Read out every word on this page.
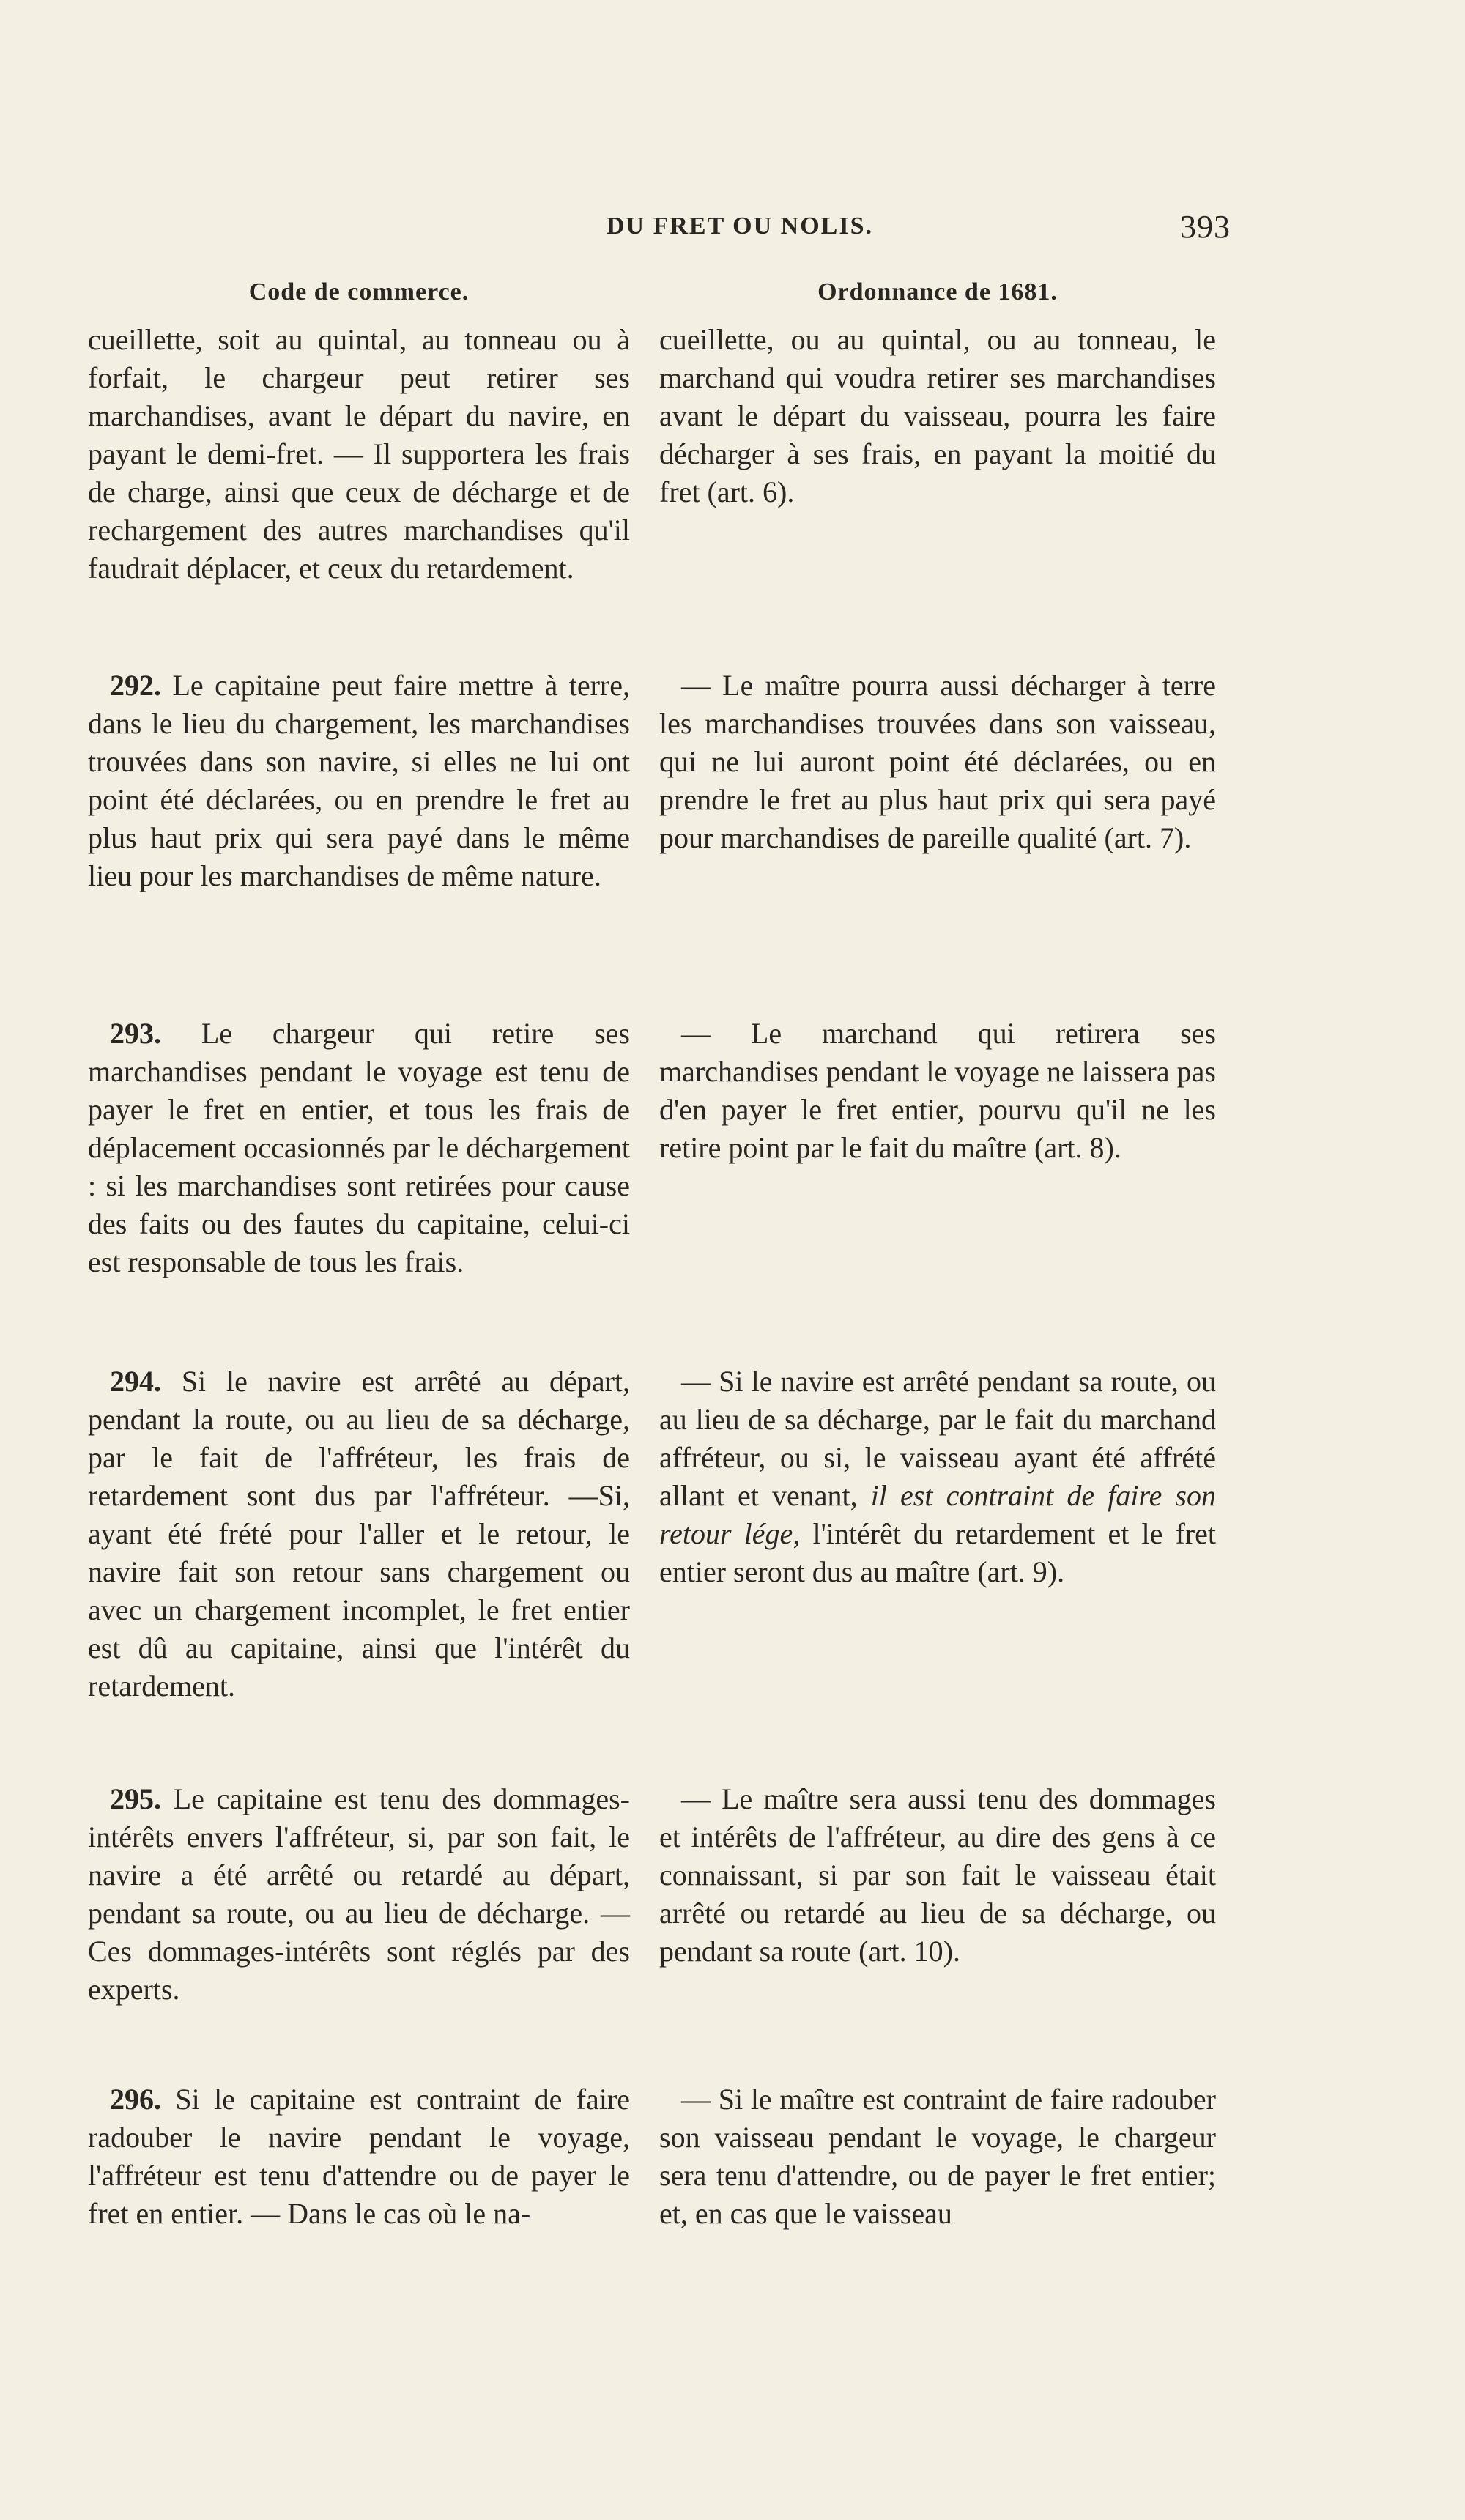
DU FRET OU NOLIS.	393
Code de commerce.

cueillette, soit au quintal, au tonneau ou à forfait, le chargeur peut retirer ses marchandises, avant le départ du navire, en payant le demi-fret. — Il supportera les frais de charge, ainsi que ceux de décharge et de rechargement des autres marchandises qu'il faudrait déplacer, et ceux du retardement.

292. Le capitaine peut faire mettre à terre, dans le lieu du chargement, les marchandises trouvées dans son navire, si elles ne lui ont point été déclarées, ou en prendre le fret au plus haut prix qui sera payé dans le même lieu pour les marchandises de même nature.

293. Le chargeur qui retire ses marchandises pendant le voyage est tenu de payer le fret en entier, et tous les frais de déplacement occasionnés par le déchargement : si les marchandises sont retirées pour cause des faits ou des fautes du capitaine, celui-ci est responsable de tous les frais.

294. Si le navire est arrêté au départ, pendant la route, ou au lieu de sa décharge, par le fait de l'affréteur, les frais de retardement sont dus par l'affréteur. —Si, ayant été frété pour l'aller et le retour, le navire fait son retour sans chargement ou avec un chargement incomplet, le fret entier est dû au capitaine, ainsi que l'intérêt du retardement.

295. Le capitaine est tenu des dommages-intérêts envers l'affréteur, si, par son fait, le navire a été arrêté ou retardé au départ, pendant sa route, ou au lieu de décharge. — Ces dommages-intérêts sont réglés par des experts.

296. Si le capitaine est contraint de faire radouber le navire pendant le voyage, l'affréteur est tenu d'attendre ou de payer le fret en entier. — Dans le cas où le na-

Ordonnance de 1681.

cueillette, ou au quintal, ou au tonneau, le marchand qui voudra retirer ses marchandises avant le départ du vaisseau, pourra les faire décharger à ses frais, en payant la moitié du fret (art. 6).

— Le maître pourra aussi décharger à terre les marchandises trouvées dans son vaisseau, qui ne lui auront point été déclarées, ou en prendre le fret au plus haut prix qui sera payé pour marchandises de pareille qualité (art. 7).

— Le marchand qui retirera ses marchandises pendant le voyage ne laissera pas d'en payer le fret entier, pourvu qu'il ne les retire point par le fait du maître (art. 8).

— Si le navire est arrêté pendant sa route, ou au lieu de sa décharge, par le fait du marchand affréteur, ou si, le vaisseau ayant été affrété allant et venant, il est contraint de faire son retour lége, l'intérêt du retardement et le fret entier seront dus au maître (art. 9).

— Le maître sera aussi tenu des dommages et intérêts de l'affréteur, au dire des gens à ce connaissant, si par son fait le vaisseau était arrêté ou retardé au lieu de sa décharge, ou pendant sa route (art. 10).

— Si le maître est contraint de faire radouber son vaisseau pendant le voyage, le chargeur sera tenu d'attendre, ou de payer le fret entier; et, en cas que le vaisseau
